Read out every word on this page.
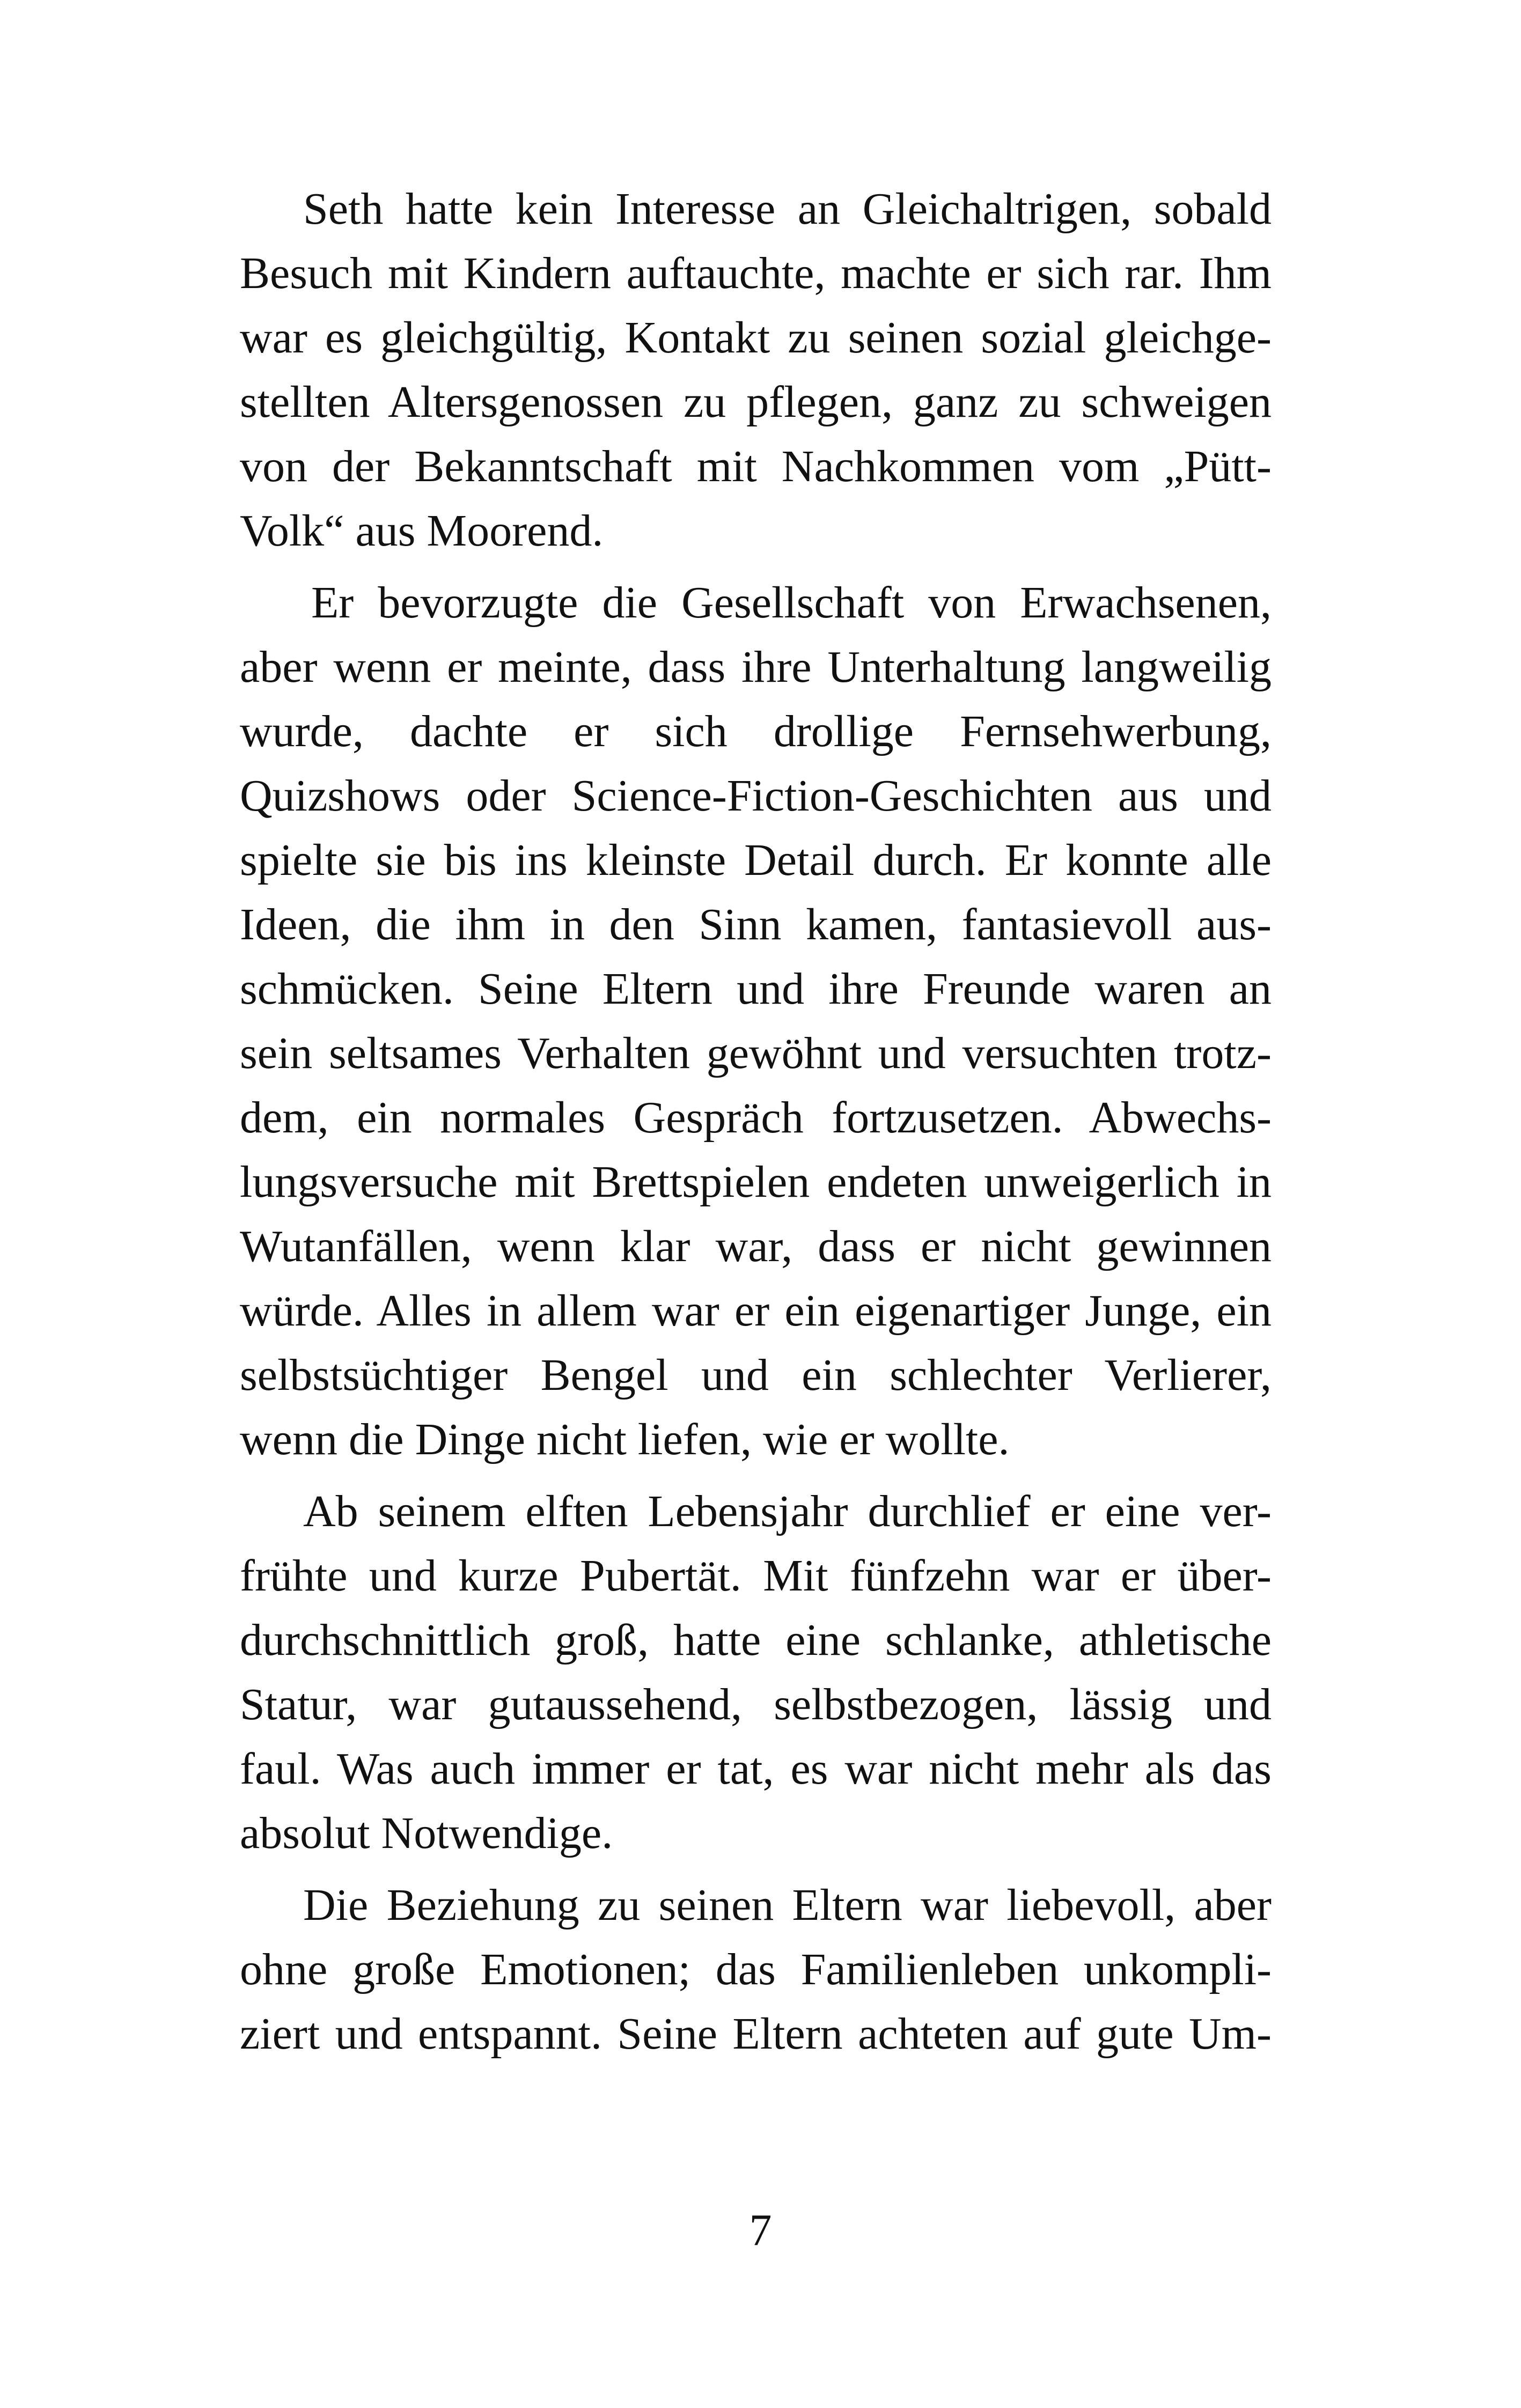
Seth hatte kein Interesse an Gleichaltrigen, sobald
Besuch mit Kindern auftauchte, machte er sich rar. Ihm
war es gleichgültig, Kontakt zu seinen sozial gleichge-
stellten Altersgenossen zu pflegen, ganz zu schweigen
von der Bekanntschaft mit Nachkommen vom „Pütt-
Volk“ aus Moorend.

Er bevorzugte die Gesellschaft von Erwachsenen,
aber wenn er meinte, dass ihre Unterhaltung langweilig
wurde, dachte er sich drollige Fernsehwerbung,
Quizshows oder Science-Fiction-Geschichten aus und
spielte sie bis ins kleinste Detail durch. Er konnte alle
Ideen, die ihm in den Sinn kamen, fantasievoll aus-
schmücken. Seine Eltern und ihre Freunde waren an
sein seltsames Verhalten gewöhnt und versuchten trotz-
dem, ein normales Gespräch fortzusetzen. Abwechs-
lungsversuche mit Brettspielen endeten unweigerlich in
Wutanfällen, wenn klar war, dass er nicht gewinnen
würde. Alles in allem war er ein eigenartiger Junge, ein
selbstsüchtiger Bengel und ein schlechter Verlierer,
wenn die Dinge nicht liefen, wie er wollte.

Ab seinem elften Lebensjahr durchlief er eine ver-
frühte und kurze Pubertät. Mit fünfzehn war er über-
durchschnittlich groß, hatte eine schlanke, athletische
Statur, war gutaussehend, selbstbezogen, lässig und
faul. Was auch immer er tat, es war nicht mehr als das
absolut Notwendige.

Die Beziehung zu seinen Eltern war liebevoll, aber
ohne große Emotionen; das Familienleben unkompli-
ziert und entspannt. Seine Eltern achteten auf gute Um-

7
